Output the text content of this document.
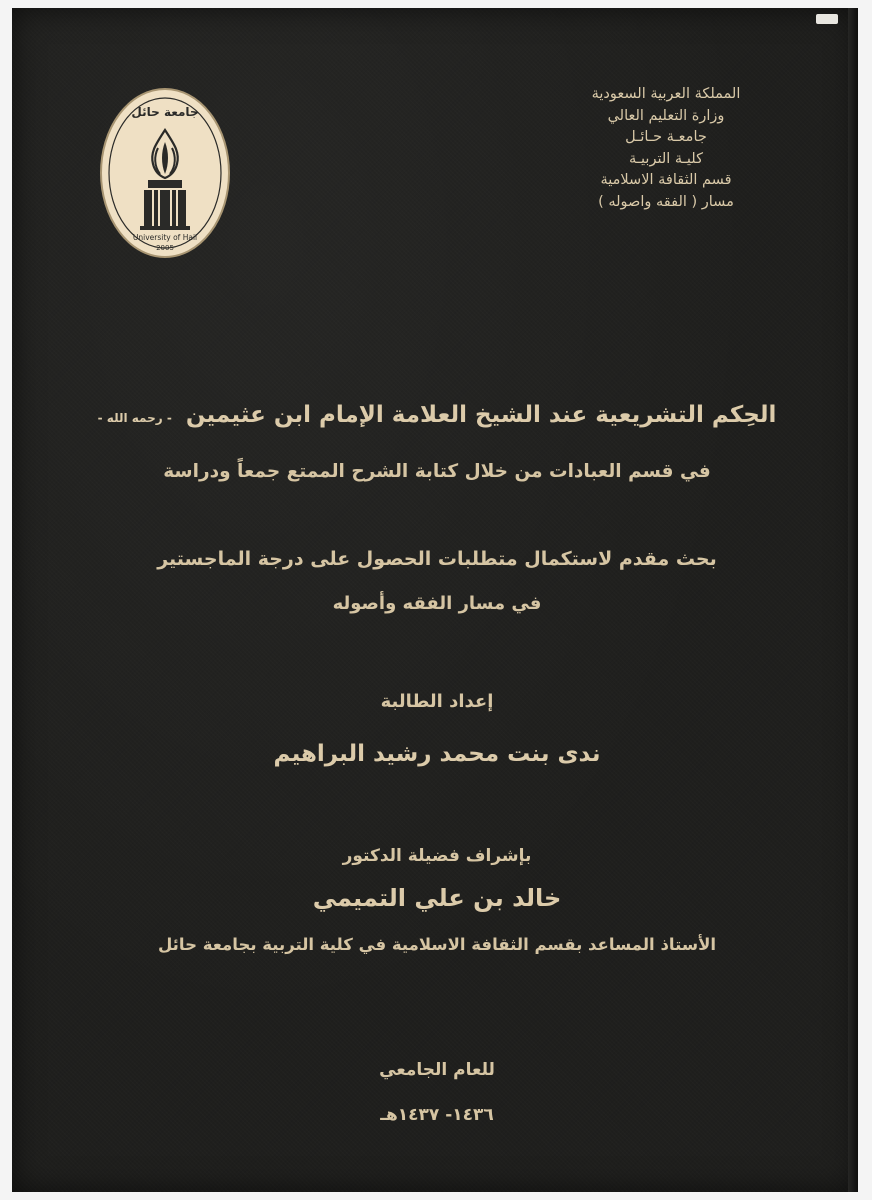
المملكة العربية السعودية
وزارة التعليم العالي
جامعـة حـائـل
كليـة التربيـة
قسم الثقافة الاسلامية
مسار ( الفقه واصوله )
جامعة حائل
University of Hail
2005
الحِكم التشريعية عند الشيخ العلامة الإمام ابن عثيمين - رحمه الله -
في قسم العبادات من خلال كتابة الشرح الممتع جمعاً ودراسة
بحث مقدم لاستكمال متطلبات الحصول على درجة الماجستير
في مسار الفقه وأصوله
إعداد الطالبة
ندى بنت محمد رشيد البراهيم
بإشراف فضيلة الدكتور
خالد بن علي التميمي
الأستاذ المساعد بقسم الثقافة الاسلامية في كلية التربية بجامعة حائل
للعام الجامعي
١٤٣٦- ١٤٣٧هـ
